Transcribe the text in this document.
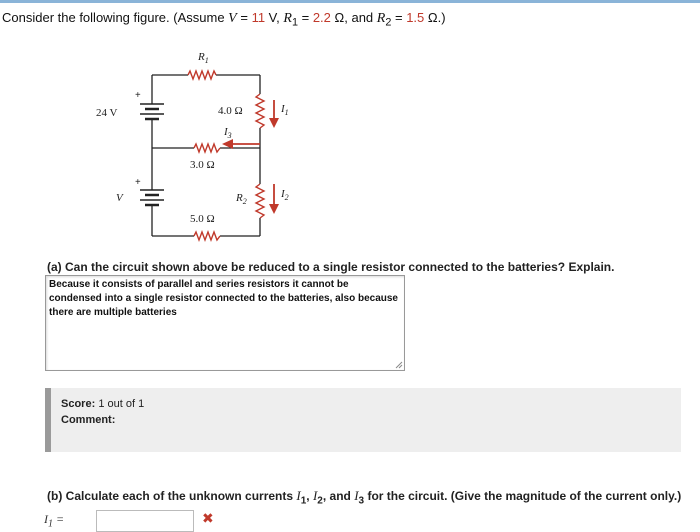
Consider the following figure. (Assume V = 11 V, $R_1 = 2.2$ Ω, and $R_2 = 1.5$ Ω.)
$R_1$
+
24 V
+
V
4.0 Ω	$I_1$
$I_3$
3.0 Ω
$R_2$
$I_2$
5.0 Ω
(a) Can the circuit shown above be reduced to a single resistor connected to the batteries? Explain.
Because it consists of parallel and series resistors it cannot be condensed into a single resistor connected to the batteries, also because there are multiple batteries
Score: 1 out of 1
Comment:
(b) Calculate each of the unknown currents $I_1$, $I_2$, and $I_3$ for the circuit. (Give the magnitude of the current only.)
$I_1$ =	✖
